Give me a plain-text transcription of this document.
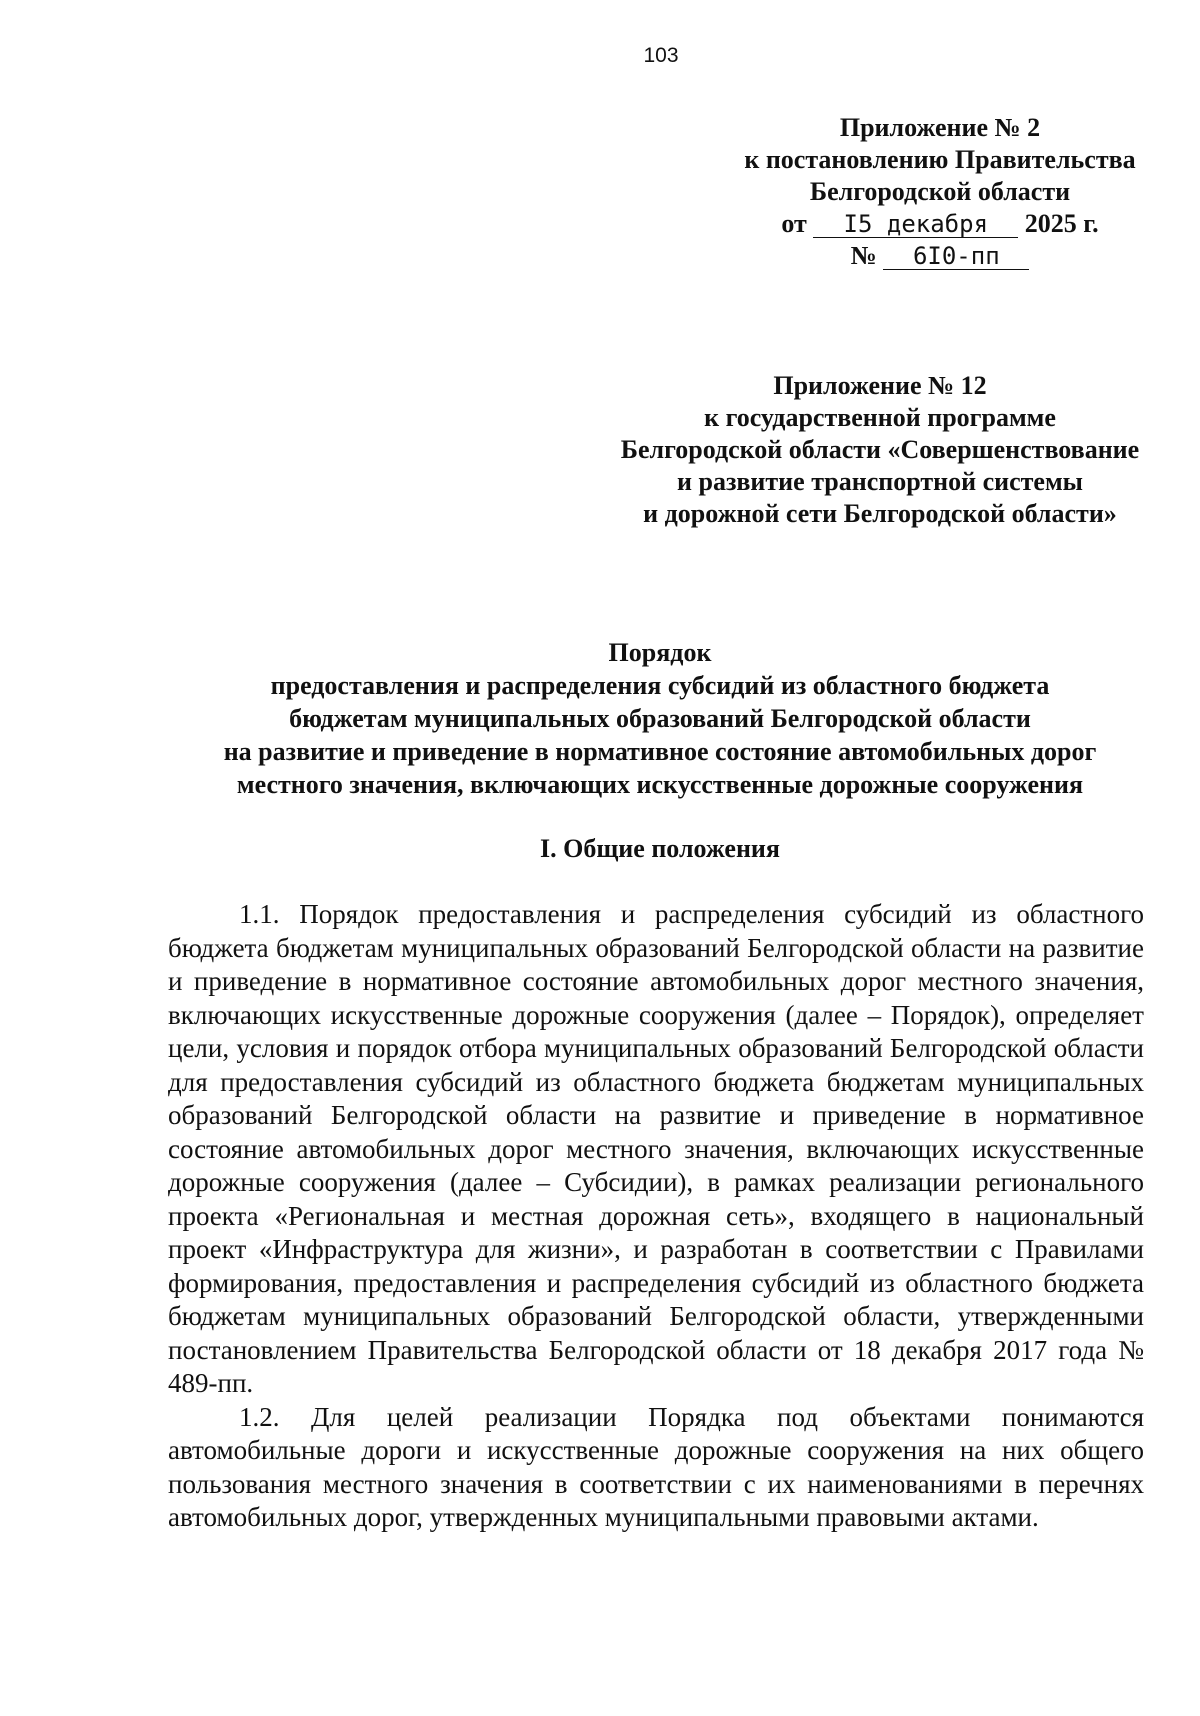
103
Приложение № 2
к постановлению Правительства
Белгородской области
от I5 декабря 2025 г.
№ 6I0-пп
Приложение № 12
к государственной программе
Белгородской области «Совершенствование
и развитие транспортной системы
и дорожной сети Белгородской области»
Порядок
предоставления и распределения субсидий из областного бюджета
бюджетам муниципальных образований Белгородской области
на развитие и приведение в нормативное состояние автомобильных дорог
местного значения, включающих искусственные дорожные сооружения
I. Общие положения

1.1. Порядок предоставления и распределения субсидий из областного бюджета бюджетам муниципальных образований Белгородской области на развитие и приведение в нормативное состояние автомобильных дорог местного значения, включающих искусственные дорожные сооружения (далее – Порядок), определяет цели, условия и порядок отбора муниципальных образований Белгородской области для предоставления субсидий из областного бюджета бюджетам муниципальных образований Белгородской области на развитие и приведение в нормативное состояние автомобильных дорог местного значения, включающих искусственные дорожные сооружения (далее – Субсидии), в рамках реализации регионального проекта «Региональная и местная дорожная сеть», входящего в национальный проект «Инфраструктура для жизни», и разработан в соответствии с Правилами формирования, предоставления и распределения субсидий из областного бюджета бюджетам муниципальных образований Белгородской области, утвержденными постановлением Правительства Белгородской области от 18 декабря 2017 года № 489-пп.

1.2. Для целей реализации Порядка под объектами понимаются автомобильные дороги и искусственные дорожные сооружения на них общего пользования местного значения в соответствии с их наименованиями в перечнях автомобильных дорог, утвержденных муниципальными правовыми актами.
